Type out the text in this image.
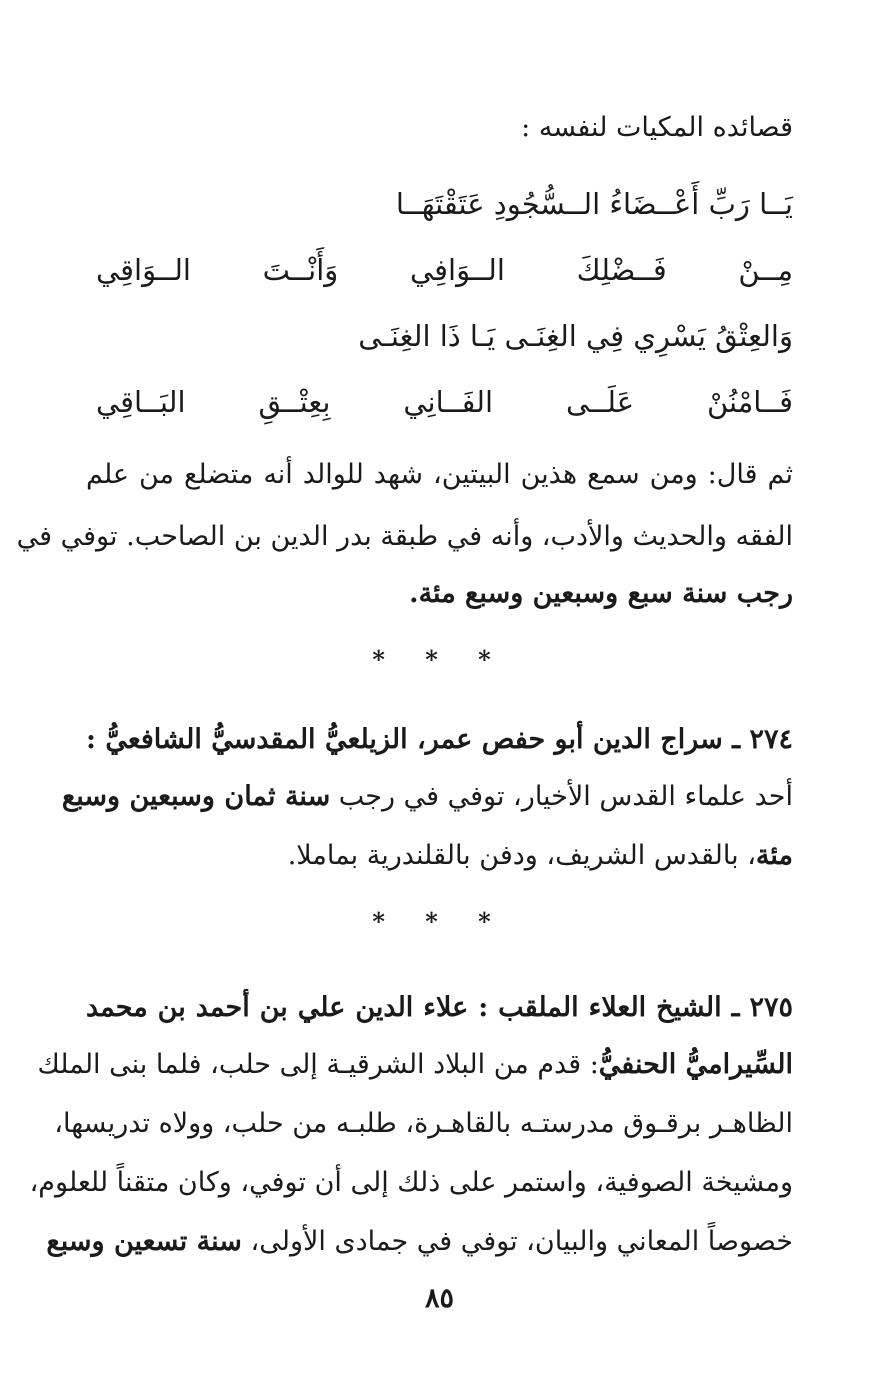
قصائده المكيات لنفسه :
يَــا رَبِّ أَعْــضَاءُ الــسُّجُودِ عَتَقْتَهَــا
مِــنْ فَــضْلِكَ الــوَافِي وَأَنْــتَ الــوَاقِي
وَالعِتْقُ يَسْرِي فِي الغِنَـى يَـا ذَا الغِنَـى
فَــامْنُنْ عَلَــى الفَــانِي بِعِتْــقِ البَــاقِي
ثم قال: ومن سمع هذين البيتين، شهد للوالد أنه متضلع من علم
الفقه والحديث والأدب، وأنه في طبقة بدر الدين بن الصاحب. توفي في
رجب سنة سبع وسبعين وسبع مئة.
* * *
٢٧٤ ـ سراج الدين أبو حفص عمر، الزيلعيُّ المقدسيُّ الشافعيُّ :
أحد علماء القدس الأخيار، توفي في رجب سنة ثمان وسبعين وسبع
مئة، بالقدس الشريف، ودفن بالقلندرية بماملا.
* * *
٢٧٥ ـ الشيخ العلاء الملقب : علاء الدين علي بن أحمد بن محمد
السِّيراميُّ الحنفيُّ: قدم من البلاد الشرقيـة إلى حلب، فلما بنى الملك
الظاهـر برقـوق مدرستـه بالقاهـرة، طلبـه من حلب، وولاه تدريسها،
ومشيخة الصوفية، واستمر على ذلك إلى أن توفي، وكان متقناً للعلوم،
خصوصاً المعاني والبيان، توفي في جمادى الأولى، سنة تسعين وسبع
٨٥
